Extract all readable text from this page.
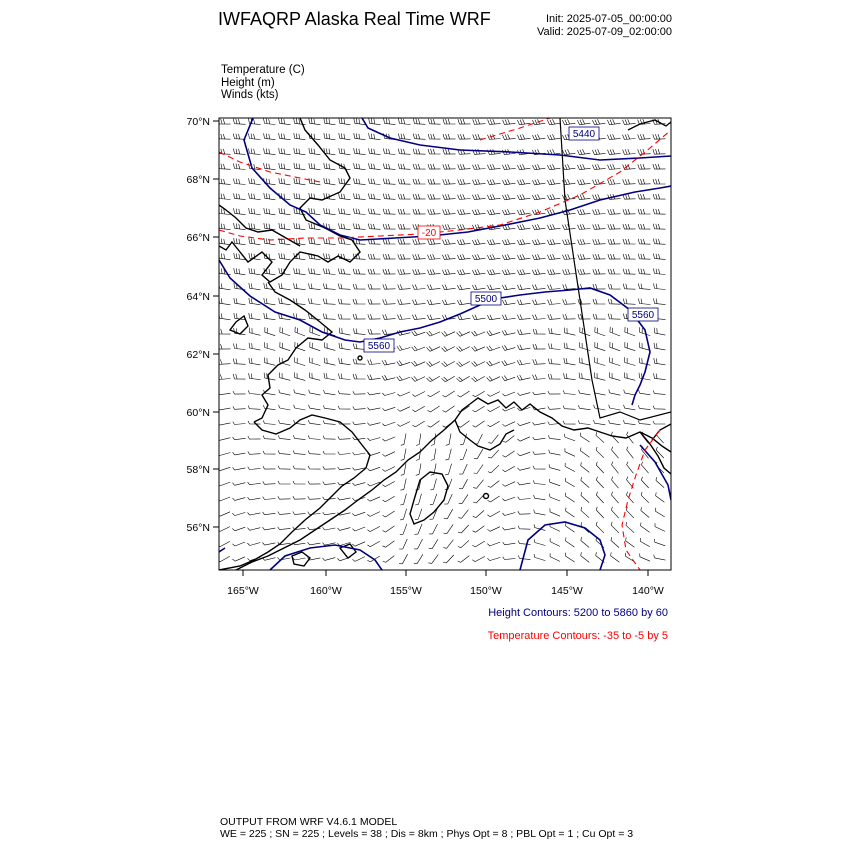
IWFAQRP Alaska Real Time WRF	Init: 2025-07-05_00:00:00
Valid: 2025-07-09_02:00:00
Temperature (C)
Height (m)
Winds (kts)
5440
5500
5560
5560
-20
70°N
68°N
66°N
64°N
62°N
60°N
58°N
56°N
165°W	160°W	155°W	150°W	145°W	140°W
Height Contours: 5200 to 5860 by 60
Temperature Contours: -35 to -5 by 5
OUTPUT FROM WRF V4.6.1 MODEL
WE = 225 ; SN = 225 ; Levels = 38 ; Dis = 8km ; Phys Opt = 8 ; PBL Opt = 1 ; Cu Opt = 3
